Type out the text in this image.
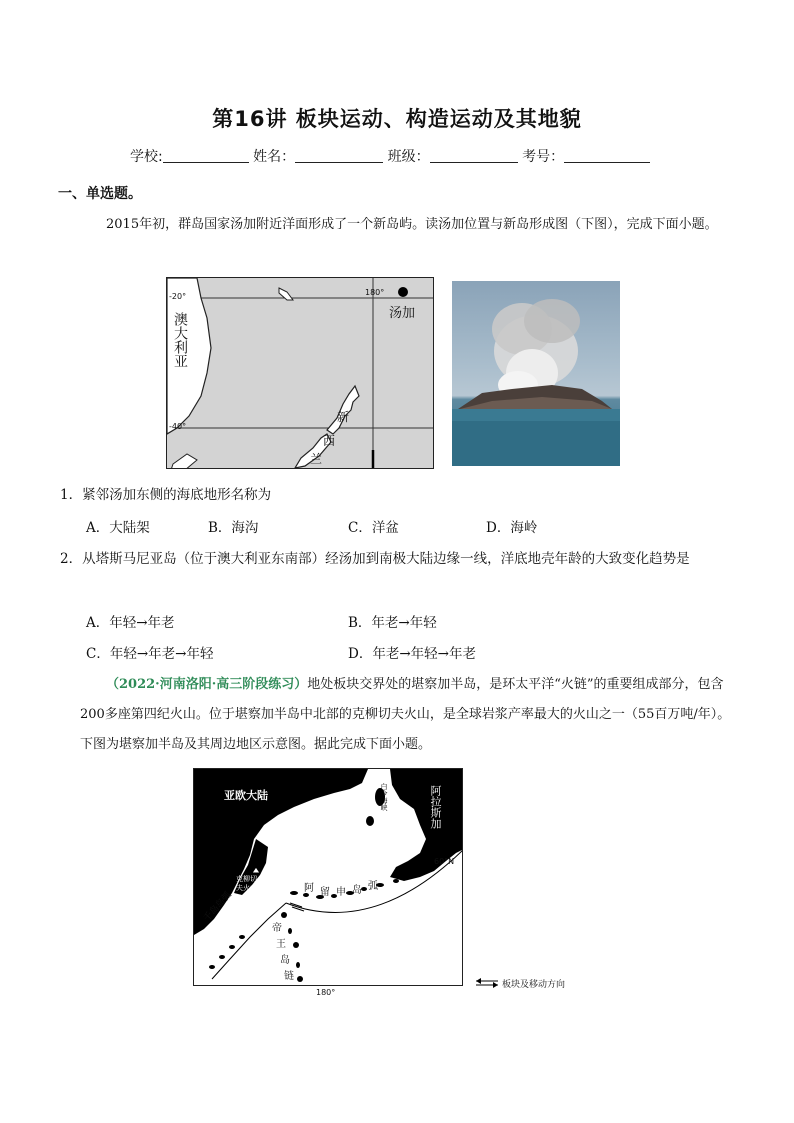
第16讲 板块运动、构造运动及其地貌
学校:	姓名：	班级：	考号：
一、单选题。
2015年初，群岛国家汤加附近洋面形成了一个新岛屿。读汤加位置与新岛形成图（下图），完成下面小题。
-20°
-40°
180°
汤加
澳大利亚
新
西
兰
1．紧邻汤加东侧的海底地形名称为
A．大陆架	B．海沟	C．洋盆	D．海岭
2．从塔斯马尼亚岛（位于澳大利亚东南部）经汤加到南极大陆边缘一线，洋底地壳年龄的大致变化趋势是
A．年轻→年老	B．年老→年轻
C．年轻→年老→年轻	D．年老→年轻→年老
（2022·河南洛阳·高三阶段练习）地处板块交界处的堪察加半岛，是环太平洋“火链”的重要组成部分，包含200多座第四纪火山。位于堪察加半岛中北部的克柳切夫火山，是全球岩浆产率最大的火山之一（55百万吨/年）。下图为堪察加半岛及其周边地区示意图。据此完成下面小题。
亚欧大陆	白令海峡	阿拉斯加
克柳切
夫火山	阿 留 申 岛 弧
60°N
千岛岛弧
帝
王
岛
链
180°
板块及移动方向
